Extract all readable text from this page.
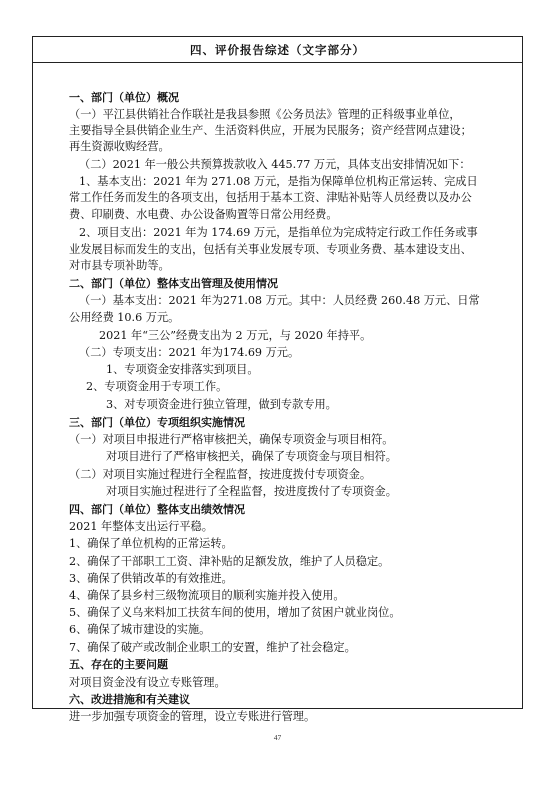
四、评价报告综述（文字部分）
一、部门（单位）概况
（一）平江县供销社合作联社是我县参照《公务员法》管理的正科级事业单位，
主要指导全县供销企业生产、生活资料供应，开展为民服务；资产经营网点建设；
再生资源收购经营。
（二）2021 年一般公共预算拨款收入 445.77 万元，具体支出安排情况如下：
1、基本支出：2021 年为 271.08 万元，是指为保障单位机构正常运转、完成日
常工作任务而发生的各项支出，包括用于基本工资、津贴补贴等人员经费以及办公
费、印刷费、水电费、办公设备购置等日常公用经费。
2、项目支出：2021 年为 174.69 万元，是指单位为完成特定行政工作任务或事
业发展目标而发生的支出，包括有关事业发展专项、专项业务费、基本建设支出、
对市县专项补助等。
二、部门（单位）整体支出管理及使用情况
（一）基本支出：2021 年为271.08 万元。其中：人员经费 260.48 万元、日常
公用经费 10.6 万元。
2021 年“三公”经费支出为 2 万元，与 2020 年持平。
（二）专项支出：2021 年为174.69 万元。
1、专项资金安排落实到项目。
2、专项资金用于专项工作。
3、对专项资金进行独立管理，做到专款专用。
三、部门（单位）专项组织实施情况
（一）对项目申报进行严格审核把关，确保专项资金与项目相符。
对项目进行了严格审核把关，确保了专项资金与项目相符。
（二）对项目实施过程进行全程监督，按进度拨付专项资金。
对项目实施过程进行了全程监督，按进度拨付了专项资金。
四、部门（单位）整体支出绩效情况
2021 年整体支出运行平稳。
1、确保了单位机构的正常运转。
2、确保了干部职工工资、津补贴的足额发放，维护了人员稳定。
3、确保了供销改革的有效推进。
4、确保了县乡村三级物流项目的顺利实施并投入使用。
5、确保了义乌来料加工扶贫车间的使用，增加了贫困户就业岗位。
6、确保了城市建设的实施。
7、确保了破产或改制企业职工的安置，维护了社会稳定。
五、存在的主要问题
对项目资金没有设立专账管理。
六、改进措施和有关建议
进一步加强专项资金的管理，设立专账进行管理。
47
